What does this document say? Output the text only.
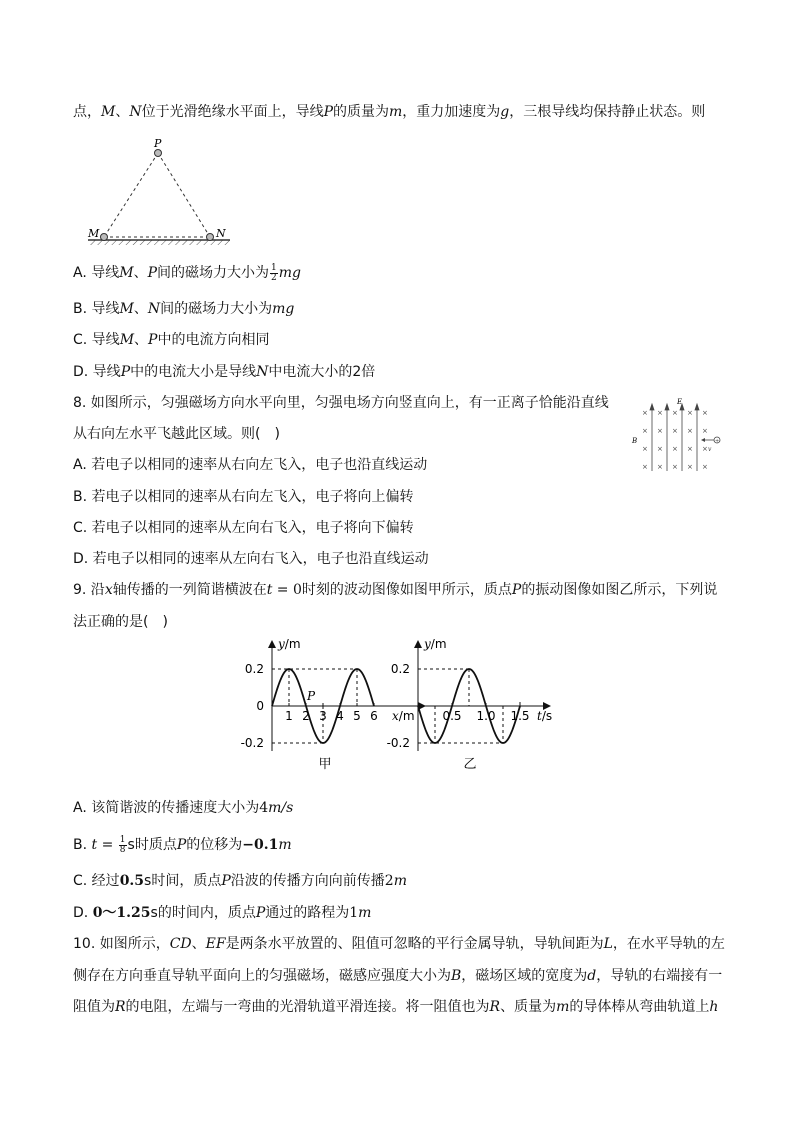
点，M、N位于光滑绝缘水平面上，导线P的质量为m，重力加速度为g，三根导线均保持静止状态。则
P
M	N
A. 导线M、P间的磁场力大小为 $\frac{1}{2}$ mg
B. 导线M、N间的磁场力大小为mg
C. 导线M、P中的电流方向相同
D. 导线P中的电流大小是导线N中电流大小的2倍
8. 如图所示，匀强磁场方向水平向里，匀强电场方向竖直向上，有一正离子恰能沿直线
从右向左水平飞越此区域。则(　)
E
B
× × × × ×
× × × × ×
× × × × ×
× × × × ×
+
v
A. 若电子以相同的速率从右向左飞入，电子也沿直线运动
B. 若电子以相同的速率从右向左飞入，电子将向上偏转
C. 若电子以相同的速率从左向右飞入，电子将向下偏转
D. 若电子以相同的速率从左向右飞入，电子也沿直线运动
9. 沿x轴传播的一列简谐横波在t = 0时刻的波动图像如图甲所示，质点P的振动图像如图乙所示，下列说
法正确的是(　)
y/m
x/m
0.2
0
-0.2
1 2 3 4 5 6
P
甲
y/m
t/s
0.2
-0.2
0.5 1.0 1.5
乙
A. 该简谐波的传播速度大小为4m/s
B. $t = \frac{1}{8}$ s时质点P的位移为−0.1m
C. 经过0.5s时间，质点P沿波的传播方向向前传播2m
D. 0～1.25s的时间内，质点P通过的路程为1m
10. 如图所示，CD、EF是两条水平放置的、阻值可忽略的平行金属导轨，导轨间距为L，在水平导轨的左
侧存在方向垂直导轨平面向上的匀强磁场，磁感应强度大小为B，磁场区域的宽度为d，导轨的右端接有一
阻值为R的电阻，左端与一弯曲的光滑轨道平滑连接。将一阻值也为R、质量为m的导体棒从弯曲轨道上h
